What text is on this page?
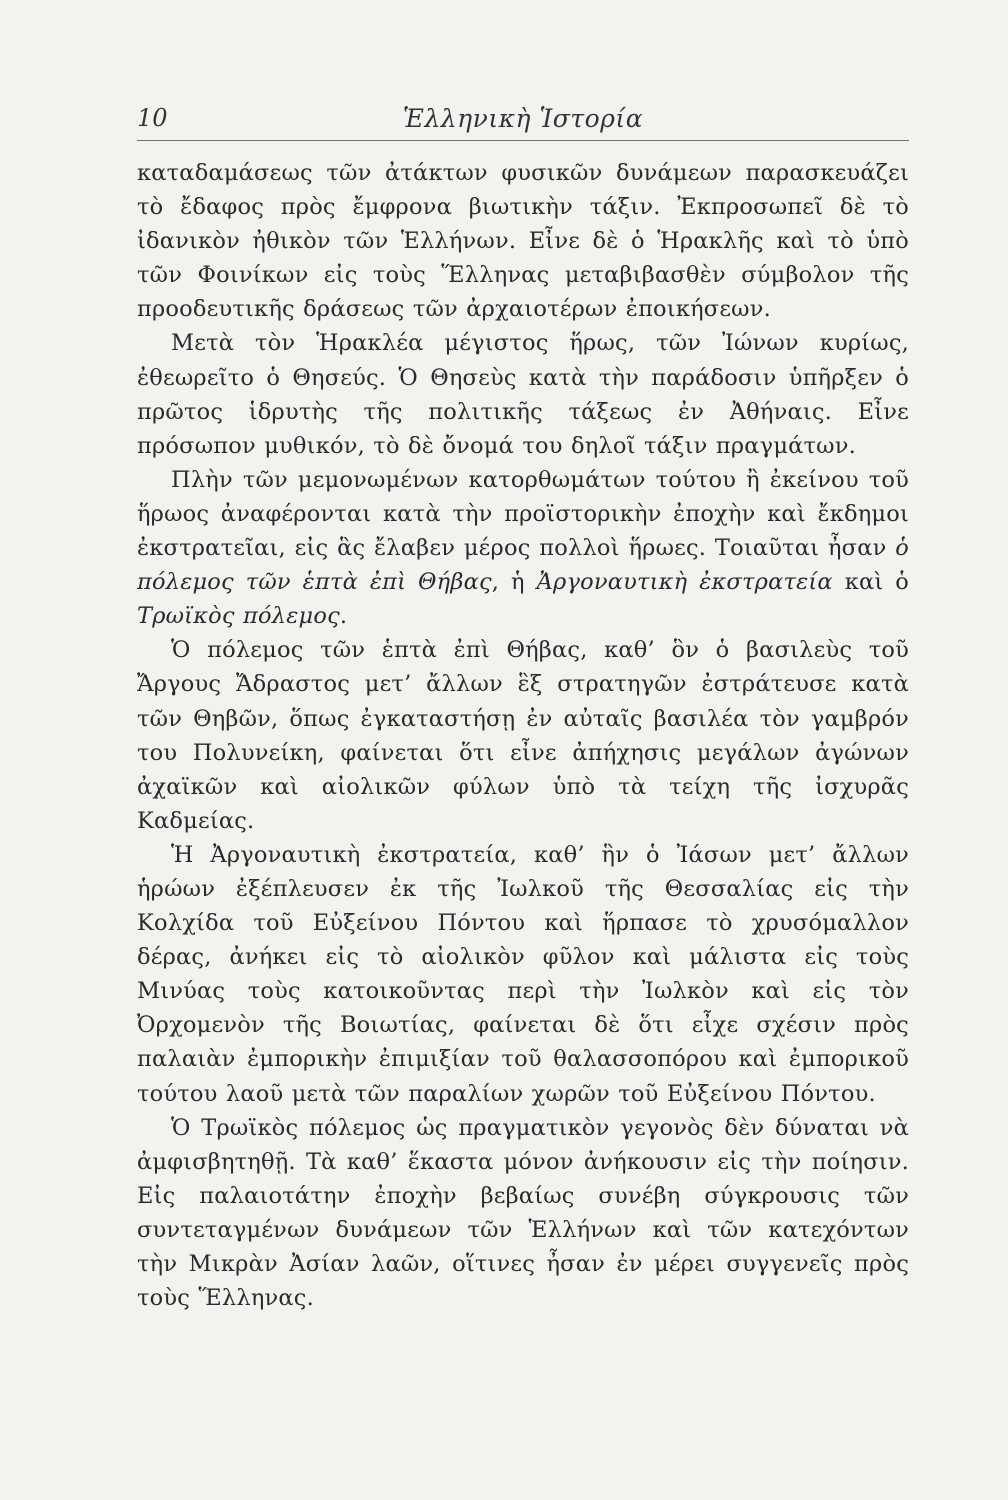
10	Ἑλληνικὴ Ἱστορία

καταδαμάσεως τῶν ἀτάκτων φυσικῶν δυνάμεων παρασκευάζει τὸ ἔδαφος πρὸς ἔμφρονα βιωτικὴν τάξιν. Ἐκπροσωπεῖ δὲ τὸ ἰδανικὸν ἠθικὸν τῶν Ἑλλήνων. Εἶνε δὲ ὁ Ἡρακλῆς καὶ τὸ ὑπὸ τῶν Φοινίκων εἰς τοὺς Ἕλληνας μεταβιβασθὲν σύμβολον τῆς προοδευτικῆς δράσεως τῶν ἀρχαιοτέρων ἐποικήσεων.

Μετὰ τὸν Ἡρακλέα μέγιστος ἥρως, τῶν Ἰώνων κυρίως, ἐθεωρεῖτο ὁ Θησεύς. Ὁ Θησεὺς κατὰ τὴν παράδοσιν ὑπῆρξεν ὁ πρῶτος ἱδρυτὴς τῆς πολιτικῆς τάξεως ἐν Ἀθήναις. Εἶνε πρόσωπον μυθικόν, τὸ δὲ ὄνομά του δηλοῖ τάξιν πραγμάτων.

Πλὴν τῶν μεμονωμένων κατορθωμάτων τούτου ἢ ἐκείνου τοῦ ἥρωος ἀναφέρονται κατὰ τὴν προϊστορικὴν ἐποχὴν καὶ ἔκδημοι ἐκστρατεῖαι, εἰς ἃς ἔλαβεν μέρος πολλοὶ ἥρωες. Τοιαῦται ἦσαν ὁ πόλεμος τῶν ἑπτὰ ἐπὶ Θήβας, ἡ Ἀργοναυτικὴ ἐκστρατεία καὶ ὁ Τρωϊκὸς πόλεμος.

Ὁ πόλεμος τῶν ἑπτὰ ἐπὶ Θήβας, καθ’ ὃν ὁ βασιλεὺς τοῦ Ἄργους Ἄδραστος μετ’ ἄλλων ἓξ στρατηγῶν ἐστράτευσε κατὰ τῶν Θηβῶν, ὅπως ἐγκαταστήσῃ ἐν αὐταῖς βασιλέα τὸν γαμβρόν του Πολυνείκη, φαίνεται ὅτι εἶνε ἀπήχησις μεγάλων ἀγώνων ἀχαϊκῶν καὶ αἰολικῶν φύλων ὑπὸ τὰ τείχη τῆς ἰσχυρᾶς Καδμείας.

Ἡ Ἀργοναυτικὴ ἐκστρατεία, καθ’ ἣν ὁ Ἰάσων μετ’ ἄλλων ἡρώων ἐξέπλευσεν ἐκ τῆς Ἰωλκοῦ τῆς Θεσσαλίας εἰς τὴν Κολχίδα τοῦ Εὐξείνου Πόντου καὶ ἥρπασε τὸ χρυσόμαλλον δέρας, ἀνήκει εἰς τὸ αἰολικὸν φῦλον καὶ μάλιστα εἰς τοὺς Μινύας τοὺς κατοικοῦντας περὶ τὴν Ἰωλκὸν καὶ εἰς τὸν Ὀρχομενὸν τῆς Βοιωτίας, φαίνεται δὲ ὅτι εἶχε σχέσιν πρὸς παλαιὰν ἐμπορικὴν ἐπιμιξίαν τοῦ θαλασσοπόρου καὶ ἐμπορικοῦ τούτου λαοῦ μετὰ τῶν παραλίων χωρῶν τοῦ Εὐξείνου Πόντου.

Ὁ Τρωϊκὸς πόλεμος ὡς πραγματικὸν γεγονὸς δὲν δύναται νὰ ἀμφισβητηθῇ. Τὰ καθ’ ἕκαστα μόνον ἀνήκουσιν εἰς τὴν ποίησιν. Εἰς παλαιοτάτην ἐποχὴν βεβαίως συνέβη σύγκρουσις τῶν συντεταγμένων δυνάμεων τῶν Ἑλλήνων καὶ τῶν κατεχόντων τὴν Μικρὰν Ἀσίαν λαῶν, οἵτινες ἦσαν ἐν μέρει συγγενεῖς πρὸς τοὺς Ἕλληνας.
